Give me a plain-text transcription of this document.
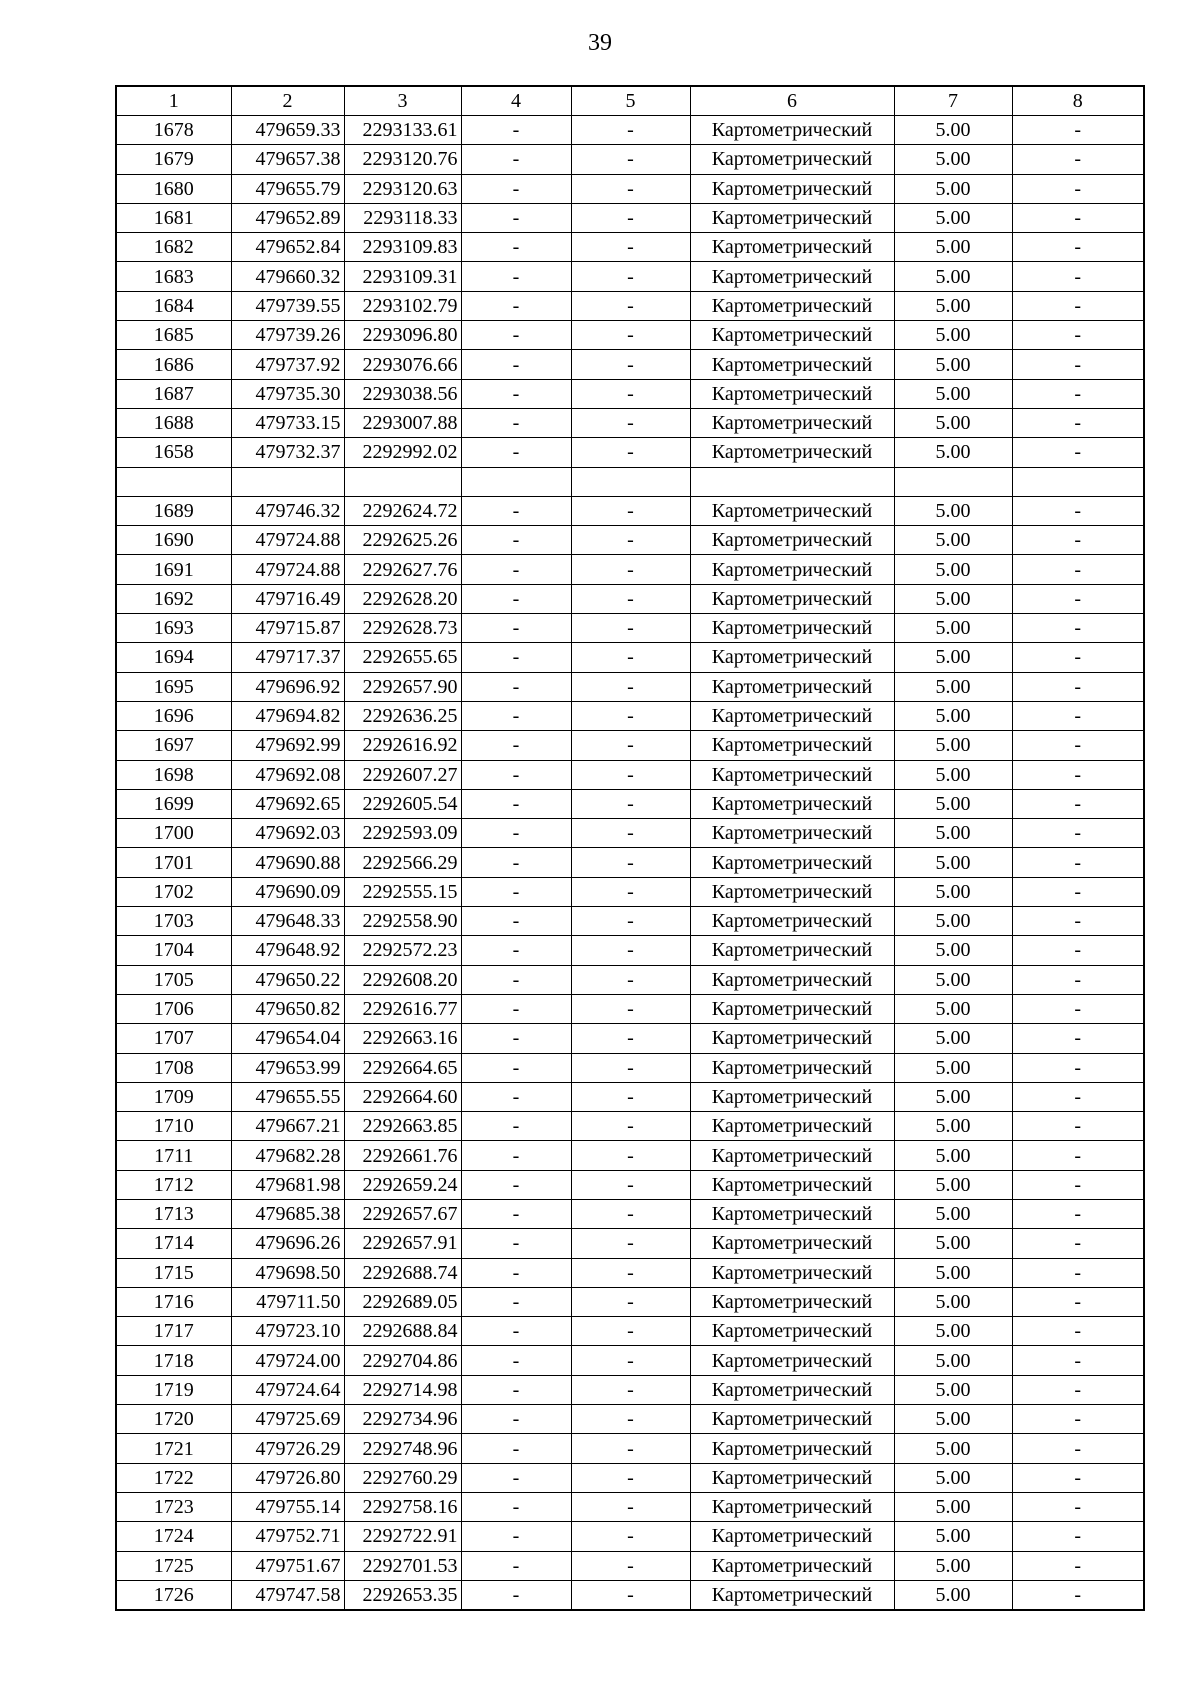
39
1	2	3	4	5	6	7	8
1678	479659.33	2293133.61	-	-	Картометрический	5.00	-
1679	479657.38	2293120.76	-	-	Картометрический	5.00	-
1680	479655.79	2293120.63	-	-	Картометрический	5.00	-
1681	479652.89	2293118.33	-	-	Картометрический	5.00	-
1682	479652.84	2293109.83	-	-	Картометрический	5.00	-
1683	479660.32	2293109.31	-	-	Картометрический	5.00	-
1684	479739.55	2293102.79	-	-	Картометрический	5.00	-
1685	479739.26	2293096.80	-	-	Картометрический	5.00	-
1686	479737.92	2293076.66	-	-	Картометрический	5.00	-
1687	479735.30	2293038.56	-	-	Картометрический	5.00	-
1688	479733.15	2293007.88	-	-	Картометрический	5.00	-
1658	479732.37	2292992.02	-	-	Картометрический	5.00	-

1689	479746.32	2292624.72	-	-	Картометрический	5.00	-
1690	479724.88	2292625.26	-	-	Картометрический	5.00	-
1691	479724.88	2292627.76	-	-	Картометрический	5.00	-
1692	479716.49	2292628.20	-	-	Картометрический	5.00	-
1693	479715.87	2292628.73	-	-	Картометрический	5.00	-
1694	479717.37	2292655.65	-	-	Картометрический	5.00	-
1695	479696.92	2292657.90	-	-	Картометрический	5.00	-
1696	479694.82	2292636.25	-	-	Картометрический	5.00	-
1697	479692.99	2292616.92	-	-	Картометрический	5.00	-
1698	479692.08	2292607.27	-	-	Картометрический	5.00	-
1699	479692.65	2292605.54	-	-	Картометрический	5.00	-
1700	479692.03	2292593.09	-	-	Картометрический	5.00	-
1701	479690.88	2292566.29	-	-	Картометрический	5.00	-
1702	479690.09	2292555.15	-	-	Картометрический	5.00	-
1703	479648.33	2292558.90	-	-	Картометрический	5.00	-
1704	479648.92	2292572.23	-	-	Картометрический	5.00	-
1705	479650.22	2292608.20	-	-	Картометрический	5.00	-
1706	479650.82	2292616.77	-	-	Картометрический	5.00	-
1707	479654.04	2292663.16	-	-	Картометрический	5.00	-
1708	479653.99	2292664.65	-	-	Картометрический	5.00	-
1709	479655.55	2292664.60	-	-	Картометрический	5.00	-
1710	479667.21	2292663.85	-	-	Картометрический	5.00	-
1711	479682.28	2292661.76	-	-	Картометрический	5.00	-
1712	479681.98	2292659.24	-	-	Картометрический	5.00	-
1713	479685.38	2292657.67	-	-	Картометрический	5.00	-
1714	479696.26	2292657.91	-	-	Картометрический	5.00	-
1715	479698.50	2292688.74	-	-	Картометрический	5.00	-
1716	479711.50	2292689.05	-	-	Картометрический	5.00	-
1717	479723.10	2292688.84	-	-	Картометрический	5.00	-
1718	479724.00	2292704.86	-	-	Картометрический	5.00	-
1719	479724.64	2292714.98	-	-	Картометрический	5.00	-
1720	479725.69	2292734.96	-	-	Картометрический	5.00	-
1721	479726.29	2292748.96	-	-	Картометрический	5.00	-
1722	479726.80	2292760.29	-	-	Картометрический	5.00	-
1723	479755.14	2292758.16	-	-	Картометрический	5.00	-
1724	479752.71	2292722.91	-	-	Картометрический	5.00	-
1725	479751.67	2292701.53	-	-	Картометрический	5.00	-
1726	479747.58	2292653.35	-	-	Картометрический	5.00	-
